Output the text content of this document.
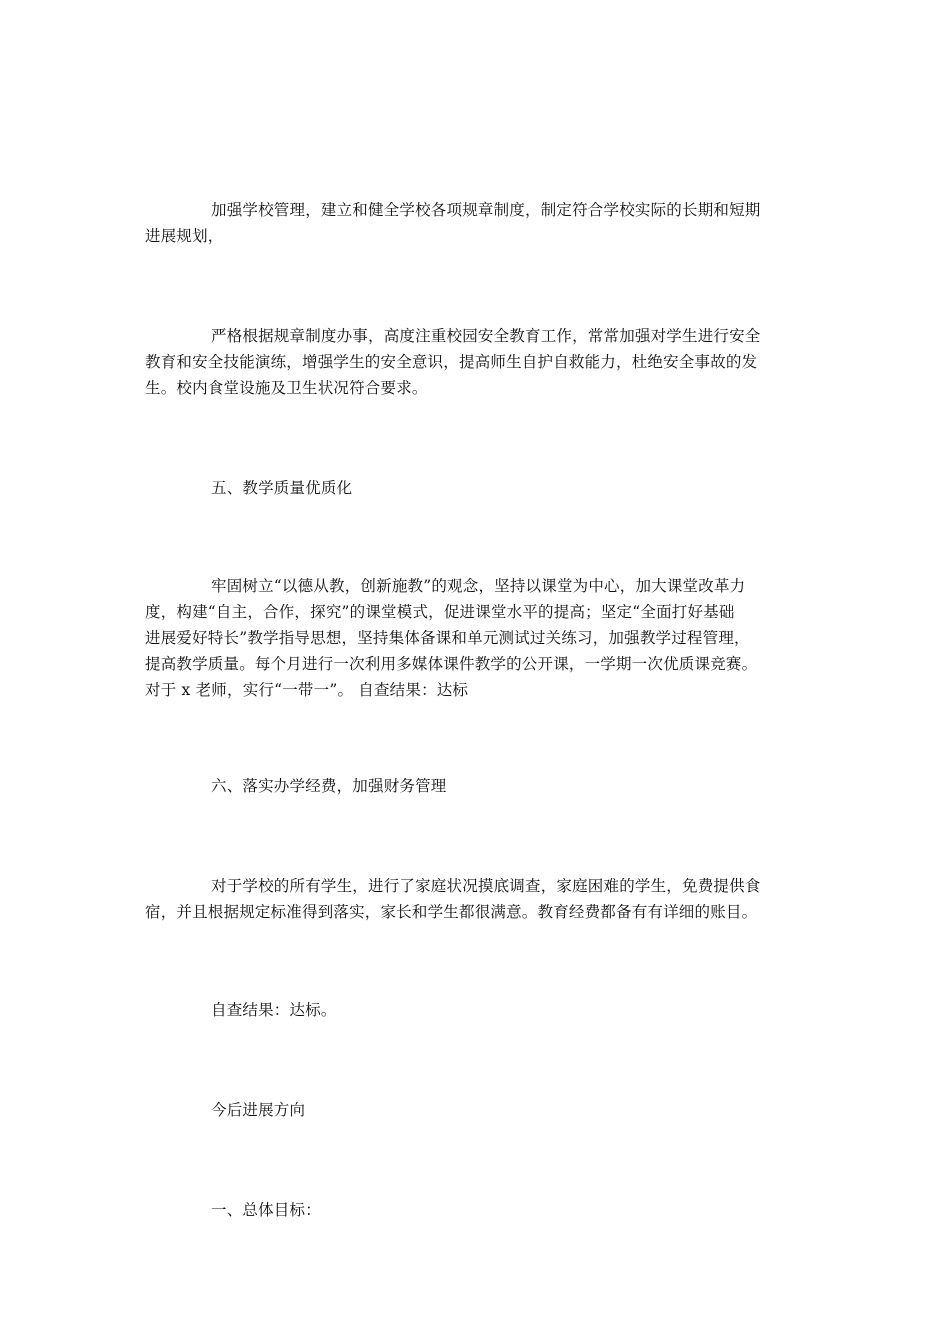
加强学校管理，建立和健全学校各项规章制度，制定符合学校实际的长期和短期
进展规划，

严格根据规章制度办事，高度注重校园安全教育工作，常常加强对学生进行安全
教育和安全技能演练，增强学生的安全意识，提高师生自护自救能力，杜绝安全事故的发
生。校内食堂设施及卫生状况符合要求。

五、教学质量优质化

牢固树立“以德从教，创新施教”的观念，坚持以课堂为中心，加大课堂改革力
度，构建“自主，合作，探究”的课堂模式，促进课堂水平的提高；坚定“全面打好基础
进展爱好特长”教学指导思想，坚持集体备课和单元测试过关练习，加强教学过程管理，
提高教学质量。每个月进行一次利用多媒体课件教学的公开课，一学期一次优质课竞赛。
对于 x 老师，实行“一带一”。 自查结果：达标

六、落实办学经费，加强财务管理

对于学校的所有学生，进行了家庭状况摸底调查，家庭困难的学生，免费提供食
宿，并且根据规定标准得到落实，家长和学生都很满意。教育经费都备有有详细的账目。

自查结果：达标。

今后进展方向

一、总体目标：
